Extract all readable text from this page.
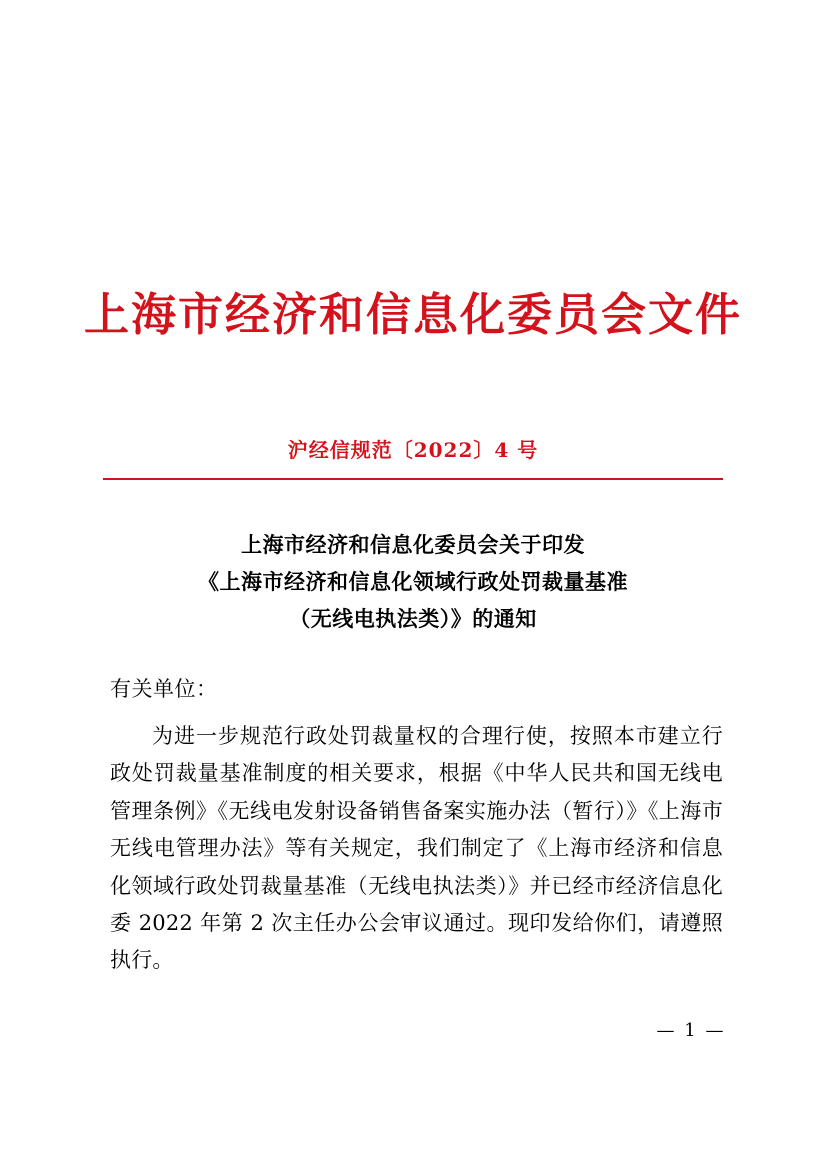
上海市经济和信息化委员会文件
沪经信规范〔2022〕4 号
上海市经济和信息化委员会关于印发
《上海市经济和信息化领域行政处罚裁量基准
（无线电执法类）》的通知
有关单位：

为进一步规范行政处罚裁量权的合理行使，按照本市建立行政处罚裁量基准制度的相关要求，根据《中华人民共和国无线电管理条例》《无线电发射设备销售备案实施办法（暂行）》《上海市无线电管理办法》等有关规定，我们制定了《上海市经济和信息化领域行政处罚裁量基准（无线电执法类）》并已经市经济信息化委 2022 年第 2 次主任办公会审议通过。现印发给你们，请遵照执行。

— 1 —
